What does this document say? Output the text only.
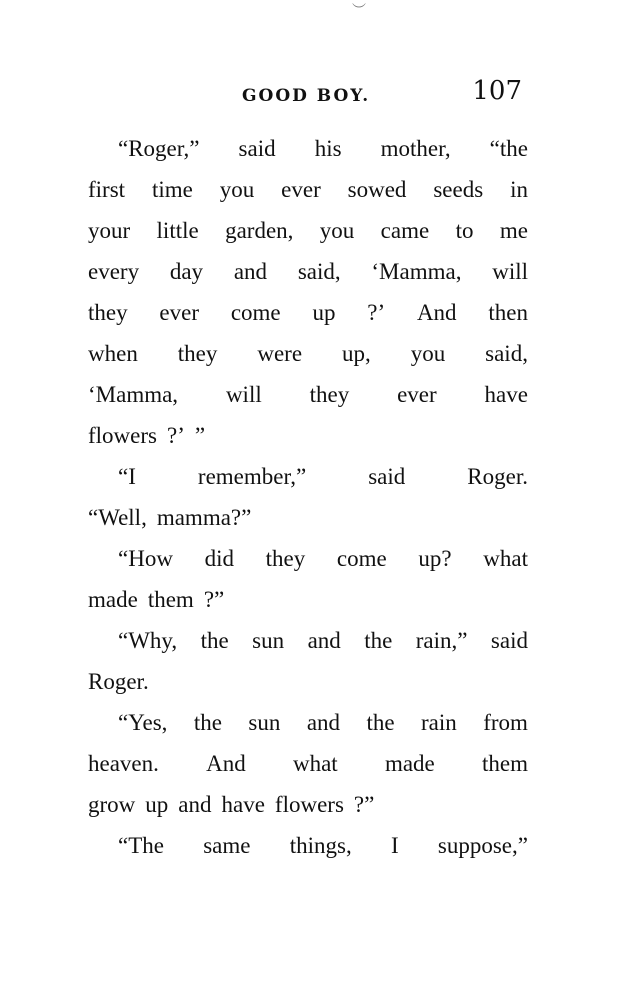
︶
GOOD BOY.	107
“Roger,” said his mother, “the
first time you ever sowed seeds in
your little garden, you came to me
every day and said, ‘Mamma, will
they ever come up ?’ And then
when they were up, you said,
‘Mamma, will they ever have
flowers ?’ ”
“I	remember,”	said	Roger.
“Well, mamma?”
“How did they come up? what
made them ?”
“Why, the sun and the rain,” said
Roger.
“Yes, the sun and the rain from
heaven. And what made them
grow up and have flowers ?”
“The same things, I suppose,”
